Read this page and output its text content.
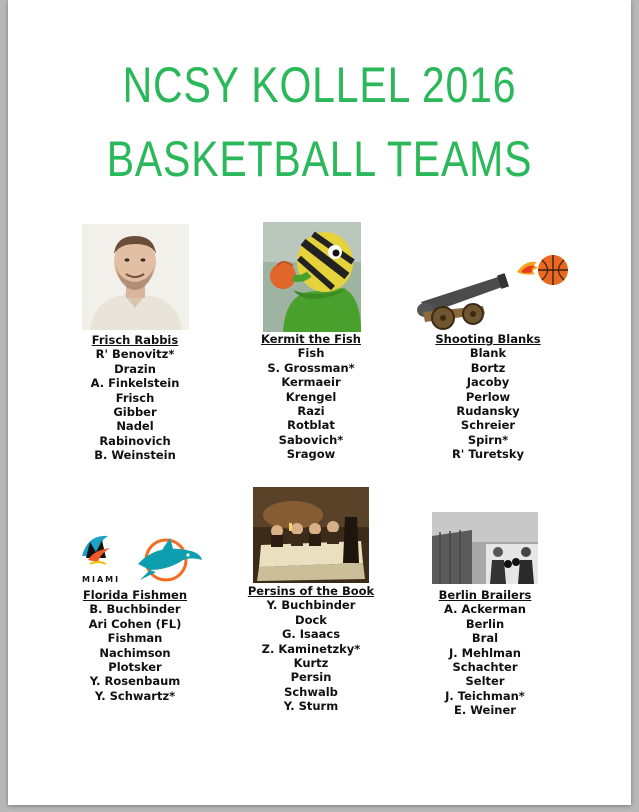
NCSY KOLLEL 2016
BASKETBALL TEAMS
MIAMI
Frisch Rabbis
R' Benovitz*
Drazin
A. Finkelstein
Frisch
Gibber
Nadel
Rabinovich
B. Weinstein
Kermit the Fish
Fish
S. Grossman*
Kermaeir
Krengel
Razi
Rotblat
Sabovich*
Sragow
Shooting Blanks
Blank
Bortz
Jacoby
Perlow
Rudansky
Schreier
Spirn*
R' Turetsky
Florida Fishmen
B. Buchbinder
Ari Cohen (FL)
Fishman
Nachimson
Plotsker
Y. Rosenbaum
Y. Schwartz*
Persins of the Book
Y. Buchbinder
Dock
G. Isaacs
Z. Kaminetzky*
Kurtz
Persin
Schwalb
Y. Sturm
Berlin Brailers
A. Ackerman
Berlin
Bral
J. Mehlman
Schachter
Selter
J. Teichman*
E. Weiner
